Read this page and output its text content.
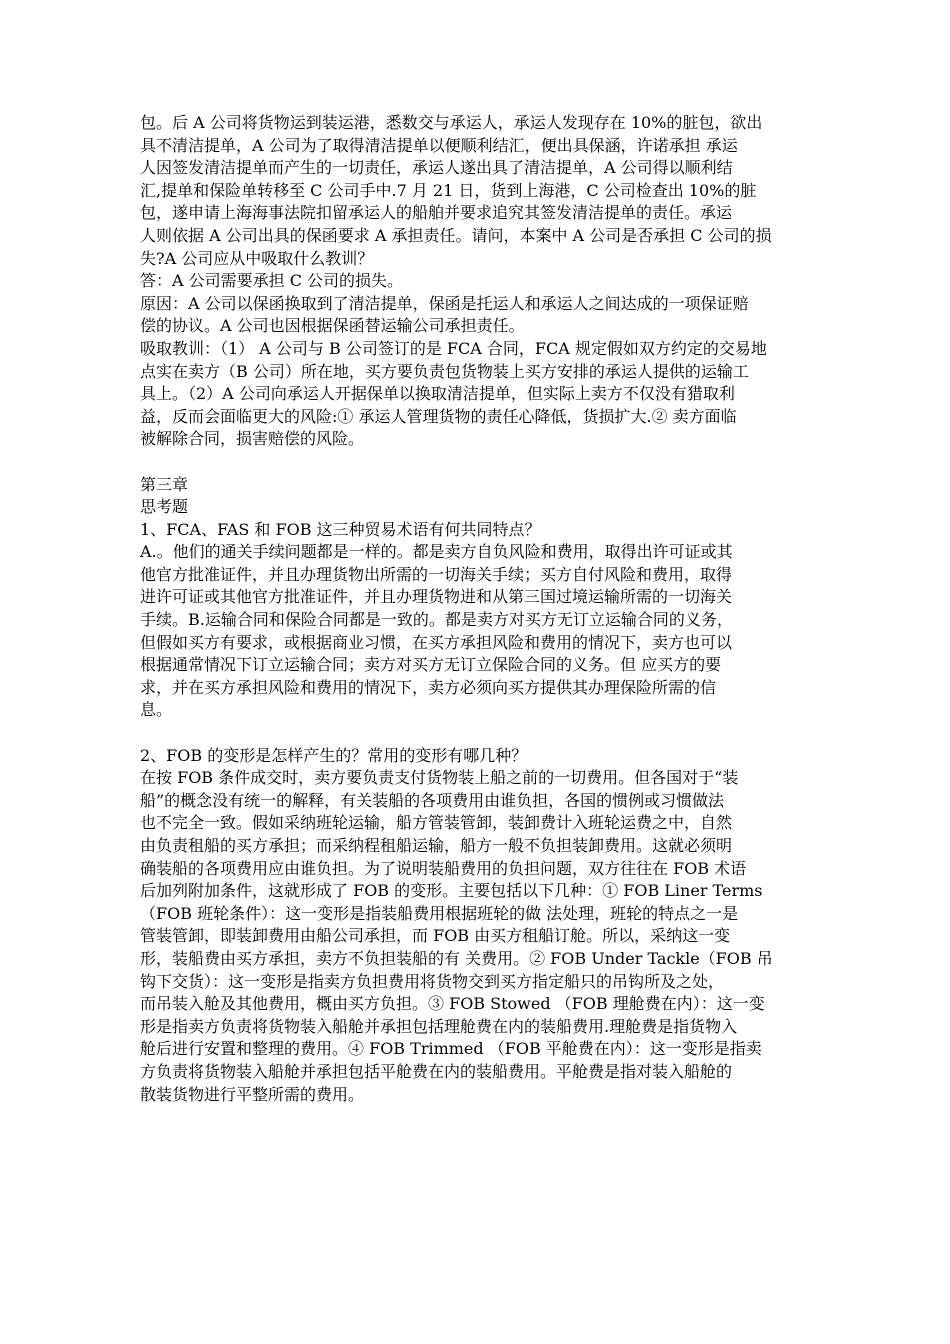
包。后 A 公司将货物运到装运港，悉数交与承运人，承运人发现存在 10%的脏包，欲出
具不清洁提单，A 公司为了取得清洁提单以便顺利结汇，便出具保涵，许诺承担 承运
人因签发清洁提单而产生的一切责任，承运人遂出具了清洁提单，A 公司得以顺利结
汇,提单和保险单转移至 C 公司手中.7 月 21 日，货到上海港，C 公司检查出 10%的脏
包，遂申请上海海事法院扣留承运人的船舶并要求追究其签发清洁提单的责任。承运
人则依据 A 公司出具的保函要求 A 承担责任。请问，本案中 A 公司是否承担 C 公司的损
失?A 公司应从中吸取什么教训？

答：A 公司需要承担 C 公司的损失。

原因：A 公司以保函换取到了清洁提单，保函是托运人和承运人之间达成的一项保证赔
偿的协议。A 公司也因根据保函替运输公司承担责任。

吸取教训：（1） A 公司与 B 公司签订的是 FCA 合同，FCA 规定假如双方约定的交易地
点实在卖方（B 公司）所在地，买方要负责包货物装上买方安排的承运人提供的运输工
具上。（2）A 公司向承运人开据保单以换取清洁提单，但实际上卖方不仅没有猎取利
益，反而会面临更大的风险:① 承运人管理货物的责任心降低，货损扩大.② 卖方面临
被解除合同，损害赔偿的风险。

第三章
思考题

1、FCA、FAS 和 FOB 这三种贸易术语有何共同特点？

A.。他们的通关手续问题都是一样的。都是卖方自负风险和费用，取得出许可证或其
他官方批准证件，并且办理货物出所需的一切海关手续；买方自付风险和费用，取得
进许可证或其他官方批准证件，并且办理货物进和从第三国过境运输所需的一切海关
手续。B.运输合同和保险合同都是一致的。都是卖方对买方无订立运输合同的义务，
但假如买方有要求，或根据商业习惯，在买方承担风险和费用的情况下，卖方也可以
根据通常情况下订立运输合同；卖方对买方无订立保险合同的义务。但 应买方的要
求，并在买方承担风险和费用的情况下，卖方必须向买方提供其办理保险所需的信
息。

2、FOB 的变形是怎样产生的？常用的变形有哪几种？

在按 FOB 条件成交时，卖方要负责支付货物装上船之前的一切费用。但各国对于“装
船”的概念没有统一的解释，有关装船的各项费用由谁负担，各国的惯例或习惯做法
也不完全一致。假如采纳班轮运输，船方管装管卸，装卸费计入班轮运费之中，自然
由负责租船的买方承担；而采纳程租船运输，船方一般不负担装卸费用。这就必须明
确装船的各项费用应由谁负担。为了说明装船费用的负担问题，双方往往在 FOB 术语
后加列附加条件，这就形成了 FOB 的变形。主要包括以下几种：① FOB Liner Terms
（FOB 班轮条件）：这一变形是指装船费用根据班轮的做 法处理，班轮的特点之一是
管装管卸，即装卸费用由船公司承担，而 FOB 由买方租船订舱。所以，采纳这一变
形，装船费由买方承担，卖方不负担装船的有 关费用。② FOB Under Tackle（FOB 吊
钩下交货）：这一变形是指卖方负担费用将货物交到买方指定船只的吊钩所及之处，
而吊装入舱及其他费用，概由买方负担。③ FOB Stowed （FOB 理舱费在内）：这一变
形是指卖方负责将货物装入船舱并承担包括理舱费在内的装船费用.理舱费是指货物入
舱后进行安置和整理的费用。④ FOB Trimmed （FOB 平舱费在内）：这一变形是指卖
方负责将货物装入船舱并承担包括平舱费在内的装船费用。平舱费是指对装入船舱的
散装货物进行平整所需的费用。
